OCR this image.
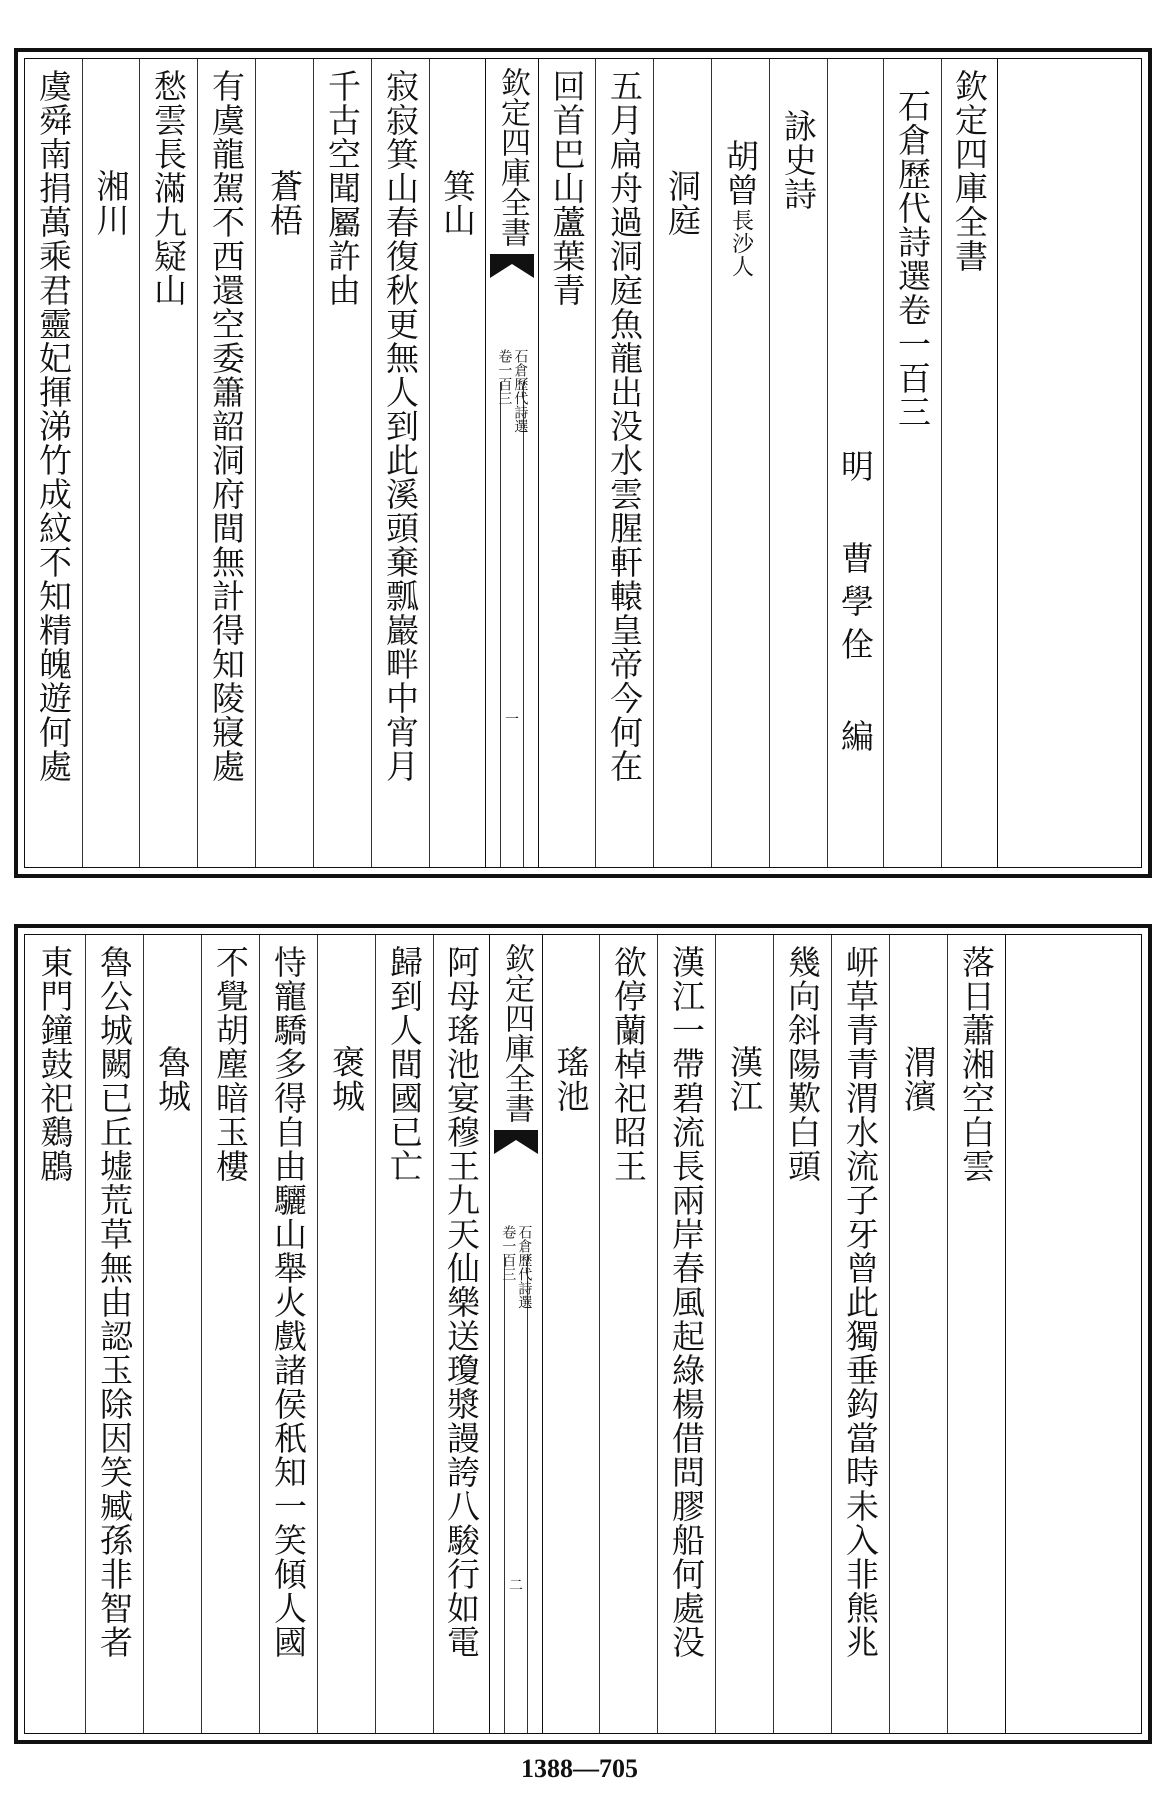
虞舜南捐萬乘君靈妃揮涕竹成紋不知精魄遊何處 湘川 愁雲長滿九疑山 有虞龍駕不西還空委簫韶洞府間無計得知陵寢處 蒼梧 千古空聞屬許由 寂寂箕山春復秋更無人到此溪頭棄瓢巖畔中宵月 箕山 欽定四庫全書
石倉歷代詩選
卷一百三
一
回首巴山蘆葉青 五月扁舟過洞庭魚龍出没水雲腥軒轅皇帝今何在 洞庭 胡曾
長沙人
詠史詩
明 曹學佺 編
石倉歷代詩選卷一百三 欽定四庫全書
東門鐘鼓祀鶢鶋 魯公城闕已丘墟荒草無由認玉除因笑臧孫非智者 魯城 不覺胡塵暗玉樓 恃寵驕多得自由驪山舉火戲諸侯秖知一笑傾人國 褒城 歸到人間國已亡 阿母瑤池宴穆王九天仙樂送瓊漿謾誇八駿行如電 欽定四庫全書
石倉歷代詩選
卷一百三
二
瑤池 欲停蘭棹祀昭王 漢江一帶碧流長兩岸春風起綠楊借問膠船何處没 漢江 幾向斜陽歎白頭 岍草青青渭水流子牙曾此獨垂鈎當時未入非熊兆 渭濱 落日蕭湘空白雲
1388—705
